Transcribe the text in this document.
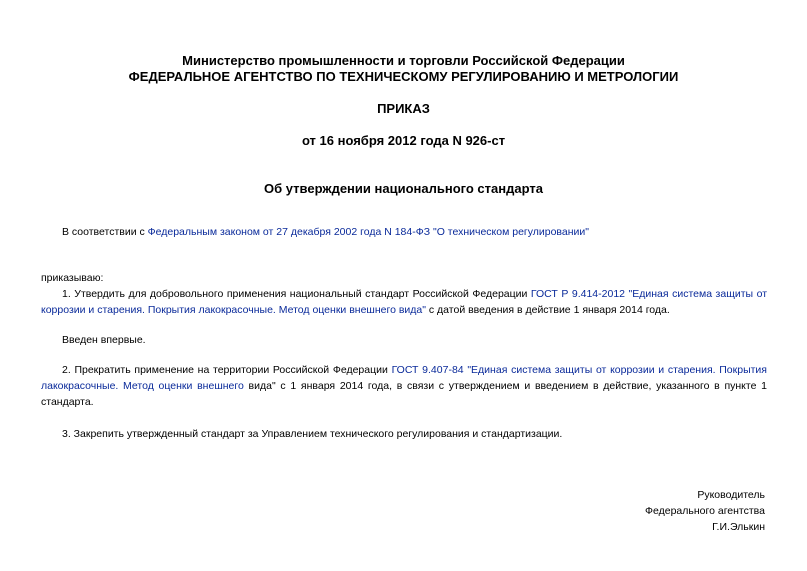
Министерство промышленности и торговли Российской Федерации
ФЕДЕРАЛЬНОЕ АГЕНТСТВО ПО ТЕХНИЧЕСКОМУ РЕГУЛИРОВАНИЮ И МЕТРОЛОГИИ
ПРИКАЗ
от 16 ноября 2012 года N 926-ст
Об утверждении национального стандарта
В соответствии с Федеральным законом от 27 декабря 2002 года N 184-ФЗ "О техническом регулировании"
приказываю:
1. Утвердить для добровольного применения национальный стандарт Российской Федерации ГОСТ Р 9.414-2012 "Единая система защиты от коррозии и старения. Покрытия лакокрасочные. Метод оценки внешнего вида" с датой введения в действие 1 января 2014 года.
Введен впервые.
2. Прекратить применение на территории Российской Федерации ГОСТ 9.407-84 "Единая система защиты от коррозии и старения. Покрытия лакокрасочные. Метод оценки внешнего вида" с 1 января 2014 года, в связи с утверждением и введением в действие, указанного в пункте 1 стандарта.
3. Закрепить утвержденный стандарт за Управлением технического регулирования и стандартизации.
Руководитель
Федерального агентства
Г.И.Элькин
